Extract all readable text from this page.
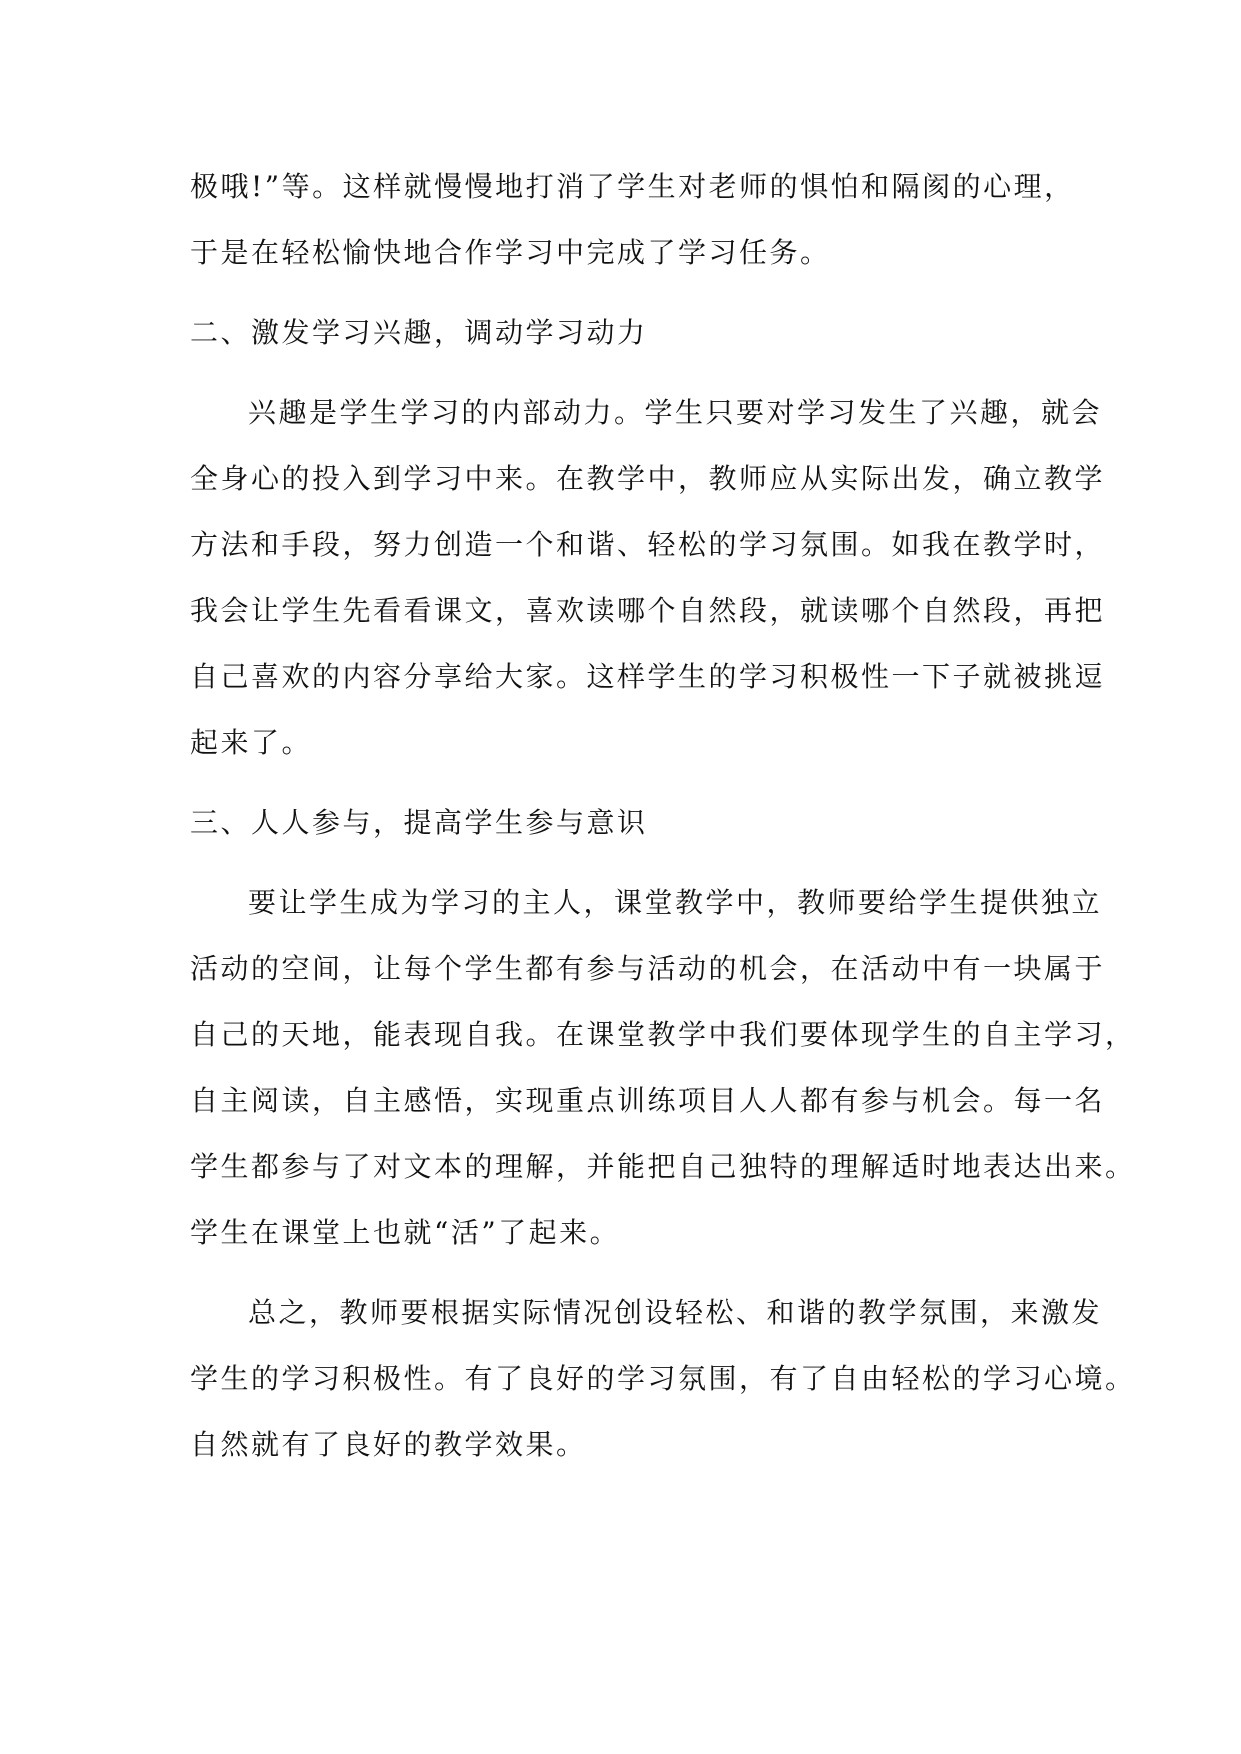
极哦!”等。这样就慢慢地打消了学生对老师的惧怕和隔阂的心理，
于是在轻松愉快地合作学习中完成了学习任务。
二、激发学习兴趣，调动学习动力
兴趣是学生学习的内部动力。学生只要对学习发生了兴趣，就会
全身心的投入到学习中来。在教学中，教师应从实际出发，确立教学
方法和手段，努力创造一个和谐、轻松的学习氛围。如我在教学时，
我会让学生先看看课文，喜欢读哪个自然段，就读哪个自然段，再把
自己喜欢的内容分享给大家。这样学生的学习积极性一下子就被挑逗
起来了。
三、人人参与，提高学生参与意识
要让学生成为学习的主人，课堂教学中，教师要给学生提供独立
活动的空间，让每个学生都有参与活动的机会，在活动中有一块属于
自己的天地，能表现自我。在课堂教学中我们要体现学生的自主学习，
自主阅读，自主感悟，实现重点训练项目人人都有参与机会。每一名
学生都参与了对文本的理解，并能把自己独特的理解适时地表达出来。
学生在课堂上也就“活”了起来。
总之，教师要根据实际情况创设轻松、和谐的教学氛围，来激发
学生的学习积极性。有了良好的学习氛围，有了自由轻松的学习心境。
自然就有了良好的教学效果。
